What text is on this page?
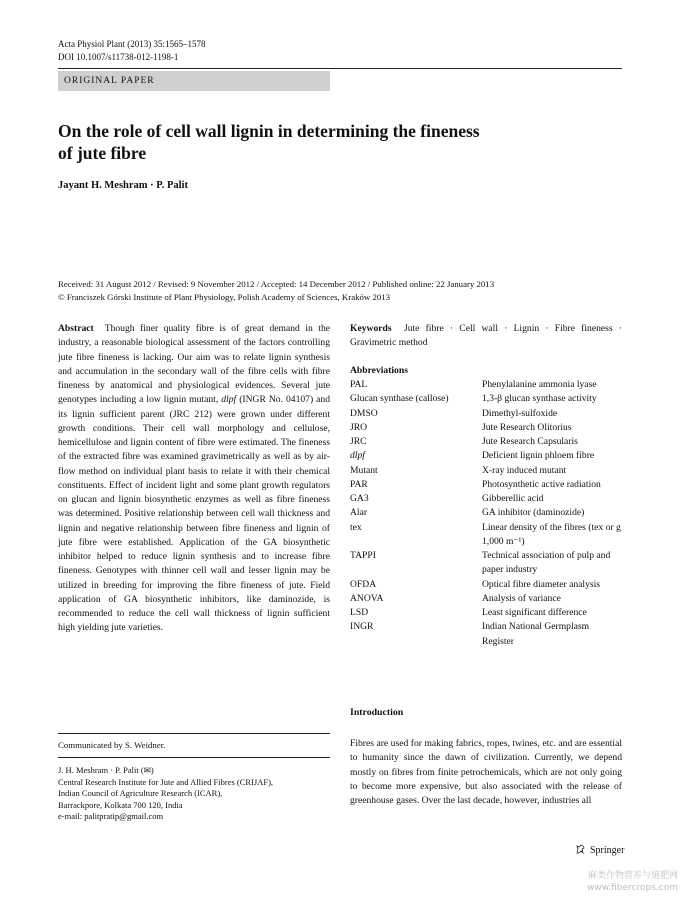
Acta Physiol Plant (2013) 35:1565–1578
DOI 10.1007/s11738-012-1198-1
ORIGINAL PAPER
On the role of cell wall lignin in determining the fineness
of jute fibre
Jayant H. Meshram · P. Palit
Received: 31 August 2012 / Revised: 9 November 2012 / Accepted: 14 December 2012 / Published online: 22 January 2013
© Franciszek Górski Institute of Plant Physiology, Polish Academy of Sciences, Kraków 2013
Abstract Though finer quality fibre is of great demand in the industry, a reasonable biological assessment of the factors controlling jute fibre fineness is lacking. Our aim was to relate lignin synthesis and accumulation in the secondary wall of the fibre cells with fibre fineness by anatomical and physiological evidences. Several jute genotypes including a low lignin mutant, dlpf (INGR No. 04107) and its lignin sufficient parent (JRC 212) were grown under different growth conditions. Their cell wall morphology and cellulose, hemicellulose and lignin content of fibre were estimated. The fineness of the extracted fibre was examined gravimetrically as well as by air-flow method on individual plant basis to relate it with their chemical constituents. Effect of incident light and some plant growth regulators on glucan and lignin biosynthetic enzymes as well as fibre fineness was determined. Positive relationship between cell wall thickness and lignin and negative relationship between fibre fineness and lignin of jute fibre were established. Application of the GA biosynthetic inhibitor helped to reduce lignin synthesis and to increase fibre fineness. Genotypes with thinner cell wall and lesser lignin may be utilized in breeding for improving the fibre fineness of jute. Field application of GA biosynthetic inhibitors, like daminozide, is recommended to reduce the cell wall thickness of lignin sufficient high yielding jute varieties.
Keywords Jute fibre · Cell wall · Lignin · Fibre fineness · Gravimetric method
Abbreviations
PAL	Phenylalanine ammonia lyase
Glucan synthase (callose)	1,3-β glucan synthase activity
DMSO	Dimethyl-sulfoxide
JRO	Jute Research Olitorius
JRC	Jute Research Capsularis
dlpf	Deficient lignin phloem fibre
Mutant	X-ray induced mutant
PAR	Photosynthetic active radiation
GA3	Gibberellic acid
Alar	GA inhibitor (daminozide)
tex	Linear density of the fibres (tex or g 1,000 m⁻¹)
TAPPI	Technical association of pulp and paper industry
OFDA	Optical fibre diameter analysis
ANOVA	Analysis of variance
LSD	Least significant difference
INGR	Indian National Germplasm Register
Introduction
Fibres are used for making fabrics, ropes, twines, etc. and are essential to humanity since the dawn of civilization. Currently, we depend mostly on fibres from finite petrochemicals, which are not only going to become more expensive, but also associated with the release of greenhouse gases. Over the last decade, however, industries all
Communicated by S. Weidner.
J. H. Meshram · P. Palit (✉)
Central Research Institute for Jute and Allied Fibres (CRIJAF),
Indian Council of Agriculture Research (ICAR),
Barrackpore, Kolkata 700 120, India
e-mail: palitpratip@gmail.com
Springer
麻类作物营养与施肥网
www.fibercrops.com
